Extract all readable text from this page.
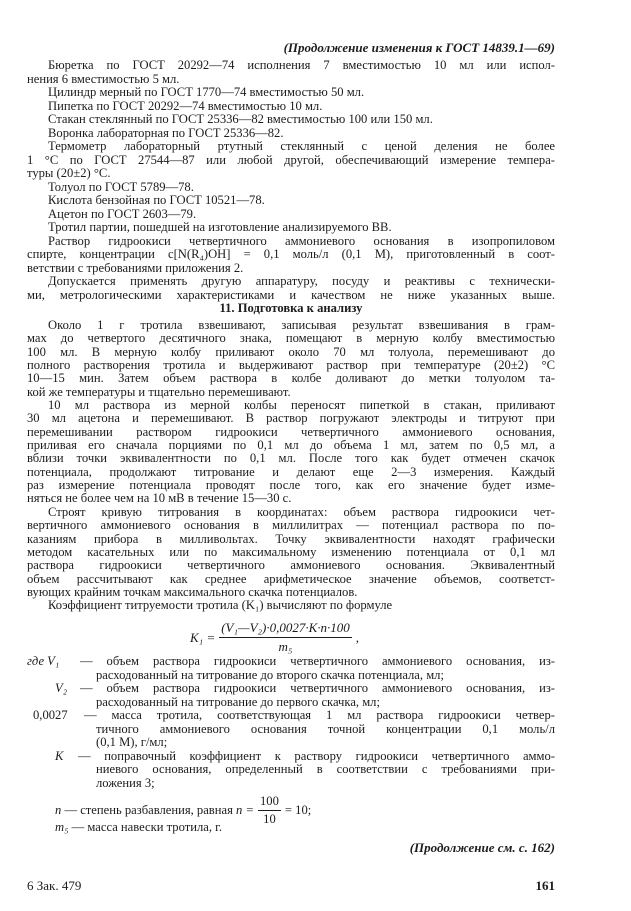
(Продолжение изменения к ГОСТ 14839.1—69)
Бюретка по ГОСТ 20292—74 исполнения 7 вместимостью 10 мл или испол-
нения 6 вместимостью 5 мл.
Цилиндр мерный по ГОСТ 1770—74 вместимостью 50 мл.
Пипетка по ГОСТ 20292—74 вместимостью 10 мл.
Стакан стеклянный по ГОСТ 25336—82 вместимостью 100 или 150 мл.
Воронка лабораторная по ГОСТ 25336—82.
Термометр лабораторный ртутный стеклянный с ценой деления не более
1 °С по ГОСТ 27544—87 или любой другой, обеспечивающий измерение темпера-
туры (20±2) °С.
Толуол по ГОСТ 5789—78.
Кислота бензойная по ГОСТ 10521—78.
Ацетон по ГОСТ 2603—79.
Тротил партии, пошедшей на изготовление анализируемого ВВ.
Раствор гидроокиси четвертичного аммониевого основания в изопропиловом
спирте, концентрации c[N(R₄)OH] = 0,1 моль/л (0,1 M), приготовленный в соот-
ветствии с требованиями приложения 2.
Допускается применять другую аппаратуру, посуду и реактивы с технически-
ми, метрологическими характеристиками и качеством не ниже указанных выше.
11. Подготовка к анализу
Около 1 г тротила взвешивают, записывая результат взвешивания в грам-
мах до четвертого десятичного знака, помещают в мерную колбу вместимостью
100 мл. В мерную колбу приливают около 70 мл толуола, перемешивают до
полного растворения тротила и выдерживают раствор при температуре (20±2) °С
10—15 мин. Затем объем раствора в колбе доливают до метки толуолом та-
кой же температуры и тщательно перемешивают.
10 мл раствора из мерной колбы переносят пипеткой в стакан, приливают
30 мл ацетона и перемешивают. В раствор погружают электроды и титруют при
перемешивании раствором гидроокиси четвертичного аммониевого основания,
приливая его сначала порциями по 0,1 мл до объема 1 мл, затем по 0,5 мл, а
вблизи точки эквивалентности по 0,1 мл. После того как будет отмечен скачок
потенциала, продолжают титрование и делают еще 2—3 измерения. Каждый
раз измерение потенциала проводят после того, как его значение будет изме-
няться не более чем на 10 мВ в течение 15—30 с.
Строят кривую титрования в координатах: объем раствора гидроокиси чет-
вертичного аммониевого основания в миллилитрах — потенциал раствора по по-
казаниям прибора в милливольтах. Точку эквивалентности находят графически
методом касательных или по максимальному изменению потенциала от 0,1 мл
раствора гидроокиси четвертичного аммониевого основания. Эквивалентный
объем рассчитывают как среднее арифметическое значение объемов, соответст-
вующих крайним точкам максимального скачка потенциалов.
Коэффициент титруемости тротила (K₁) вычисляют по формуле
$K_1 = \frac{\text{(V₁—V₂)·0,0027·K·n·100}}{\text{m₅}}$ ,
где V₁ — объем раствора гидроокиси четвертичного аммониевого основания, из-
расходованный на титрование до второго скачка потенциала, мл;
V₂ — объем раствора гидроокиси четвертичного аммониевого основания, из-
расходованный на титрование до первого скачка, мл;
0,0027 — масса тротила, соответствующая 1 мл раствора гидроокиси четвер-
тичного аммониевого основания точной концентрации 0,1 моль/л
(0,1 M), г/мл;
K — поправочный коэффициент к раствору гидроокиси четвертичного аммо-
ниевого основания, определенный в соответствии с требованиями при-
ложения 3;
n
— степень разбавления, равная
$n = \frac{100}{10} = 10$;
m₅ — масса навески тротила, г.
(Продолжение см. с. 162)
6 Зак. 479	161
